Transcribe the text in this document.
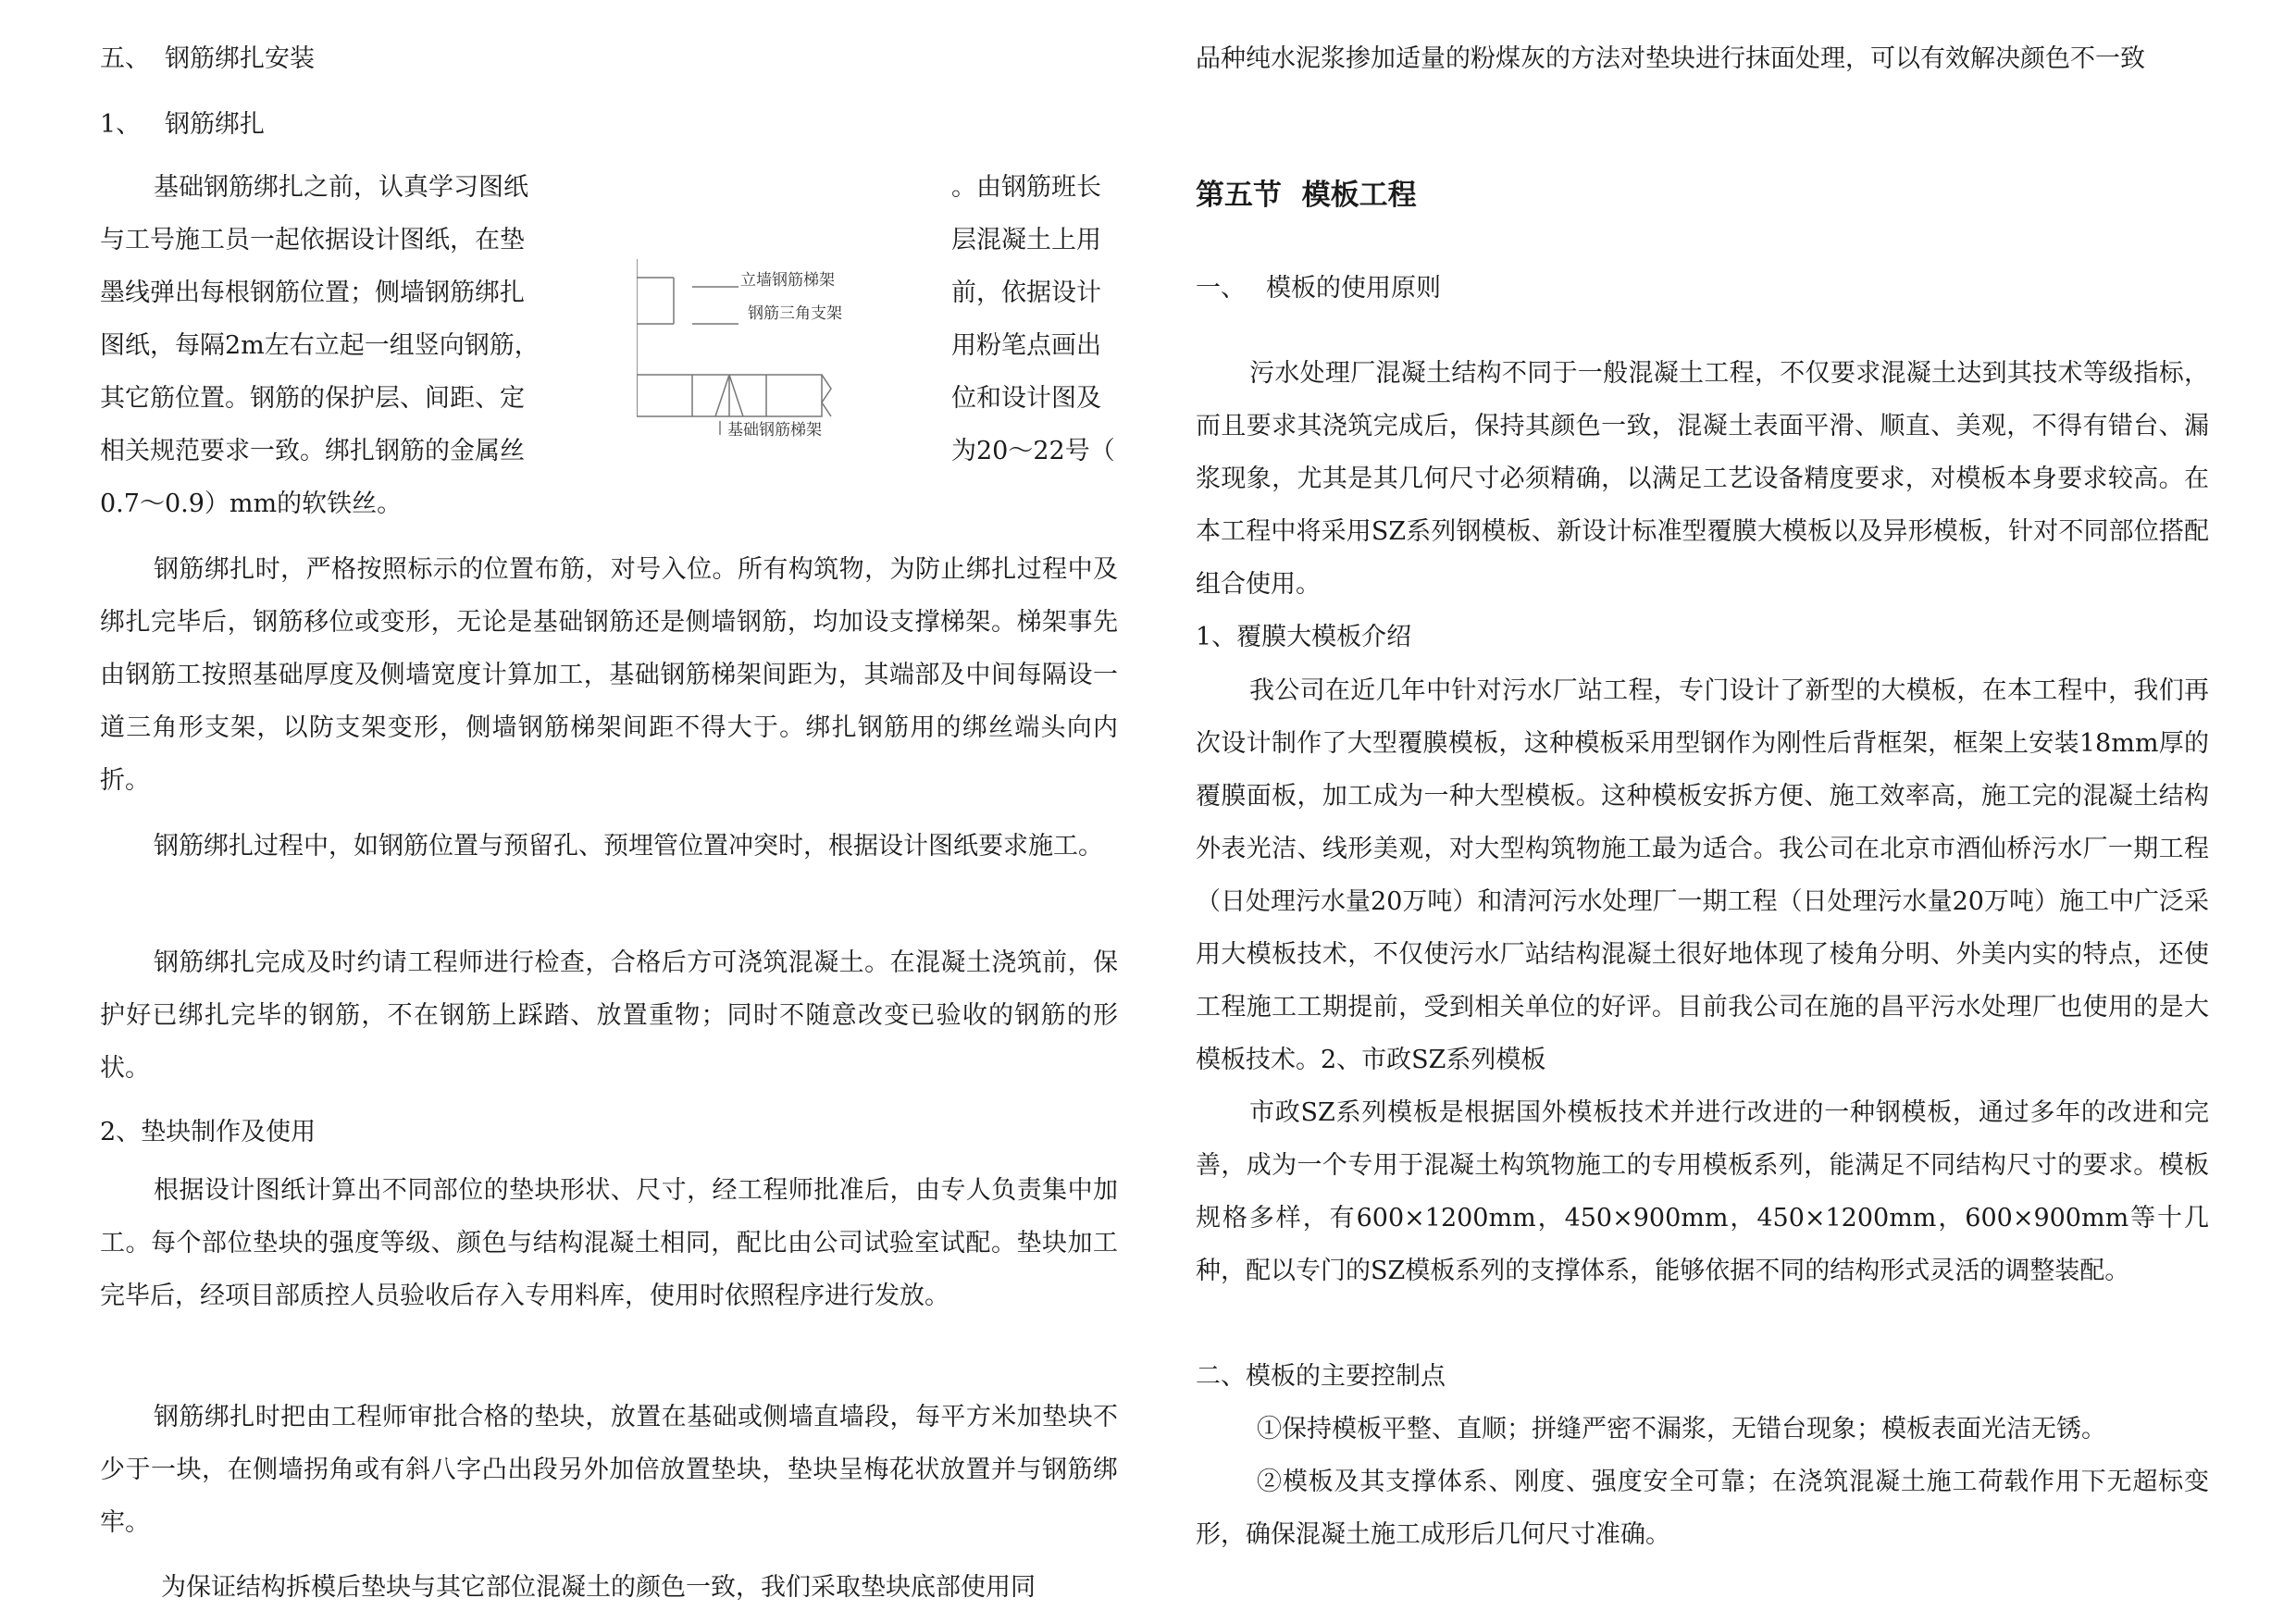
五、 钢筋绑扎安装

1、 钢筋绑扎

基础钢筋绑扎之前，认真学习图纸

与工号施工员一起依据设计图纸，在垫

墨线弹出每根钢筋位置；侧墙钢筋绑扎

图纸，每隔2m左右立起一组竖向钢筋，

其它筋位置。钢筋的保护层、间距、定

相关规范要求一致。绑扎钢筋的金属丝

。由钢筋班长

层混凝土上用

前，依据设计

用粉笔点画出

位和设计图及

为20～22号（

0.7～0.9）mm的软铁丝。

立墙钢筋梯架
钢筋三角支架
基础钢筋梯架

钢筋绑扎时，严格按照标示的位置布筋，对号入位。所有构筑物，为防止绑扎过程中及绑扎完毕后，钢筋移位或变形，无论是基础钢筋还是侧墙钢筋，均加设支撑梯架。梯架事先由钢筋工按照基础厚度及侧墙宽度计算加工，基础钢筋梯架间距为，其端部及中间每隔设一道三角形支架，以防支架变形，侧墙钢筋梯架间距不得大于。绑扎钢筋用的绑丝端头向内折。

钢筋绑扎过程中，如钢筋位置与预留孔、预埋管位置冲突时，根据设计图纸要求施工。

钢筋绑扎完成及时约请工程师进行检查，合格后方可浇筑混凝土。在混凝土浇筑前，保护好已绑扎完毕的钢筋，不在钢筋上踩踏、放置重物；同时不随意改变已验收的钢筋的形状。

2、垫块制作及使用

根据设计图纸计算出不同部位的垫块形状、尺寸，经工程师批准后，由专人负责集中加工。每个部位垫块的强度等级、颜色与结构混凝土相同，配比由公司试验室试配。垫块加工完毕后，经项目部质控人员验收后存入专用料库，使用时依照程序进行发放。

钢筋绑扎时把由工程师审批合格的垫块，放置在基础或侧墙直墙段，每平方米加垫块不少于一块，在侧墙拐角或有斜八字凸出段另外加倍放置垫块，垫块呈梅花状放置并与钢筋绑牢。

为保证结构拆模后垫块与其它部位混凝土的颜色一致，我们采取垫块底部使用同

品种纯水泥浆掺加适量的粉煤灰的方法对垫块进行抹面处理，可以有效解决颜色不一致

第五节 模板工程

一、 模板的使用原则

污水处理厂混凝土结构不同于一般混凝土工程，不仅要求混凝土达到其技术等级指标，而且要求其浇筑完成后，保持其颜色一致，混凝土表面平滑、顺直、美观，不得有错台、漏浆现象，尤其是其几何尺寸必须精确，以满足工艺设备精度要求，对模板本身要求较高。在本工程中将采用SZ系列钢模板、新设计标准型覆膜大模板以及异形模板，针对不同部位搭配组合使用。

1、覆膜大模板介绍

我公司在近几年中针对污水厂站工程，专门设计了新型的大模板，在本工程中，我们再次设计制作了大型覆膜模板，这种模板采用型钢作为刚性后背框架，框架上安装18mm厚的覆膜面板，加工成为一种大型模板。这种模板安拆方便、施工效率高，施工完的混凝土结构外表光洁、线形美观，对大型构筑物施工最为适合。我公司在北京市酒仙桥污水厂一期工程（日处理污水量20万吨）和清河污水处理厂一期工程（日处理污水量20万吨）施工中广泛采用大模板技术，不仅使污水厂站结构混凝土很好地体现了棱角分明、外美内实的特点，还使工程施工工期提前，受到相关单位的好评。目前我公司在施的昌平污水处理厂也使用的是大模板技术。2、市政SZ系列模板

市政SZ系列模板是根据国外模板技术并进行改进的一种钢模板，通过多年的改进和完善，成为一个专用于混凝土构筑物施工的专用模板系列，能满足不同结构尺寸的要求。模板规格多样，有600×1200mm，450×900mm，450×1200mm，600×900mm等十几种，配以专门的SZ模板系列的支撑体系，能够依据不同的结构形式灵活的调整装配。

二、模板的主要控制点

①保持模板平整、直顺；拼缝严密不漏浆，无错台现象；模板表面光洁无锈。

②模板及其支撑体系、刚度、强度安全可靠；在浇筑混凝土施工荷载作用下无超标变形，确保混凝土施工成形后几何尺寸准确。
